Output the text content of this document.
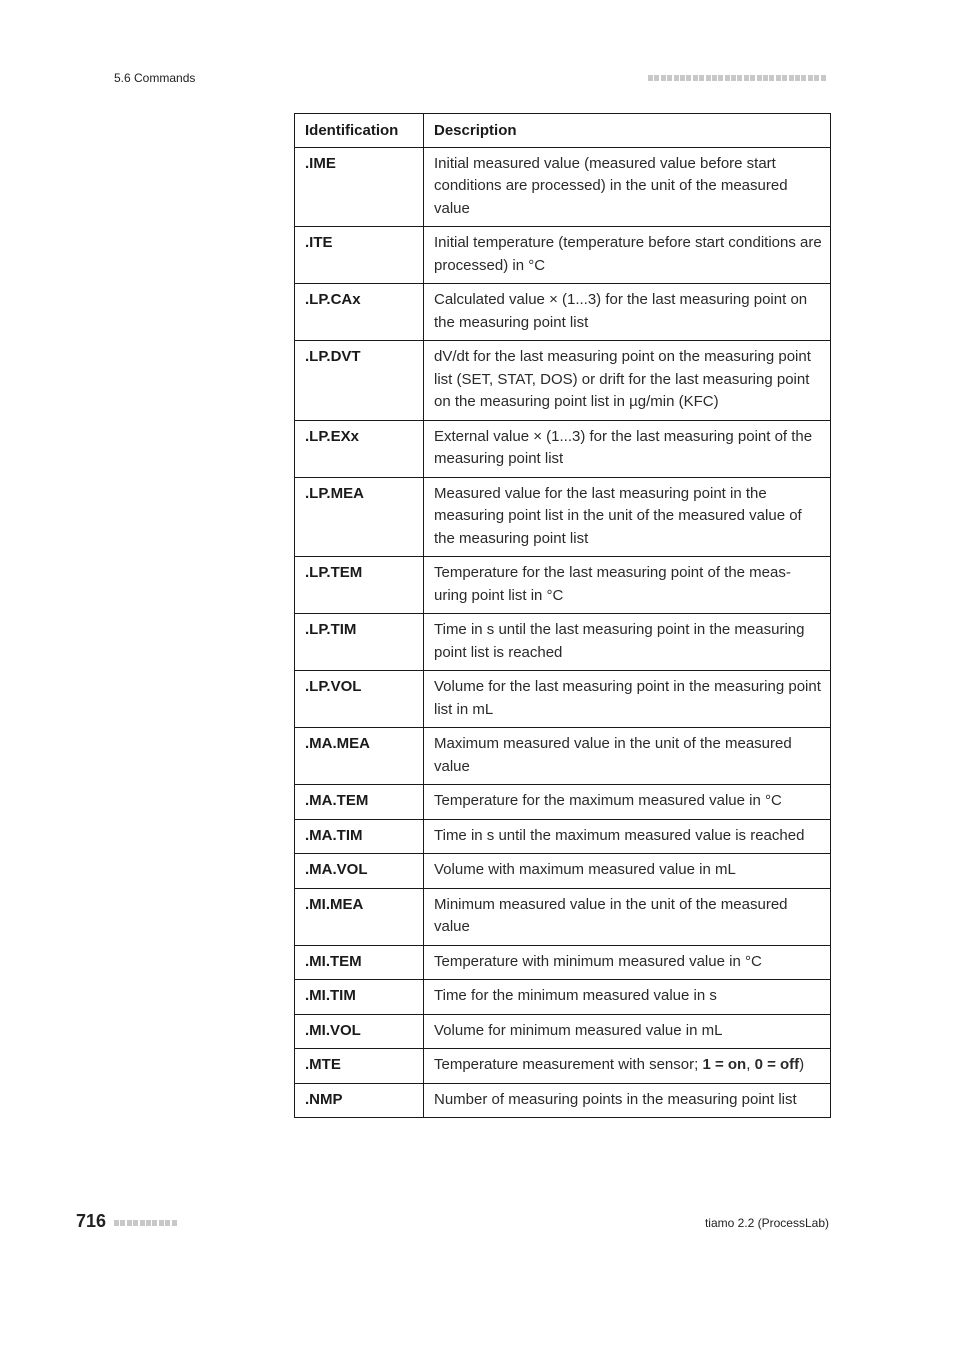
5.6 Commands
Identification	Description
.IME	Initial measured value (measured value before start conditions are processed) in the unit of the measured value
.ITE	Initial temperature (temperature before start conditions are processed) in °C
.LP.CAx	Calculated value × (1...3) for the last measuring point on the measuring point list
.LP.DVT	dV/dt for the last measuring point on the measuring point list (SET, STAT, DOS) or drift for the last measuring point on the measuring point list in µg/min (KFC)
.LP.EXx	External value × (1...3) for the last measuring point of the measuring point list
.LP.MEA	Measured value for the last measuring point in the measuring point list in the unit of the measured value of the measuring point list
.LP.TEM	Temperature for the last measuring point of the meas-uring point list in °C
.LP.TIM	Time in s until the last measuring point in the measuring point list is reached
.LP.VOL	Volume for the last measuring point in the measuring point list in mL
.MA.MEA	Maximum measured value in the unit of the measured value
.MA.TEM	Temperature for the maximum measured value in °C
.MA.TIM	Time in s until the maximum measured value is reached
.MA.VOL	Volume with maximum measured value in mL
.MI.MEA	Minimum measured value in the unit of the measured value
.MI.TEM	Temperature with minimum measured value in °C
.MI.TIM	Time for the minimum measured value in s
.MI.VOL	Volume for minimum measured value in mL
.MTE	Temperature measurement with sensor; 1 = on, 0 = off)
.NMP	Number of measuring points in the measuring point list
716	tiamo 2.2 (ProcessLab)
